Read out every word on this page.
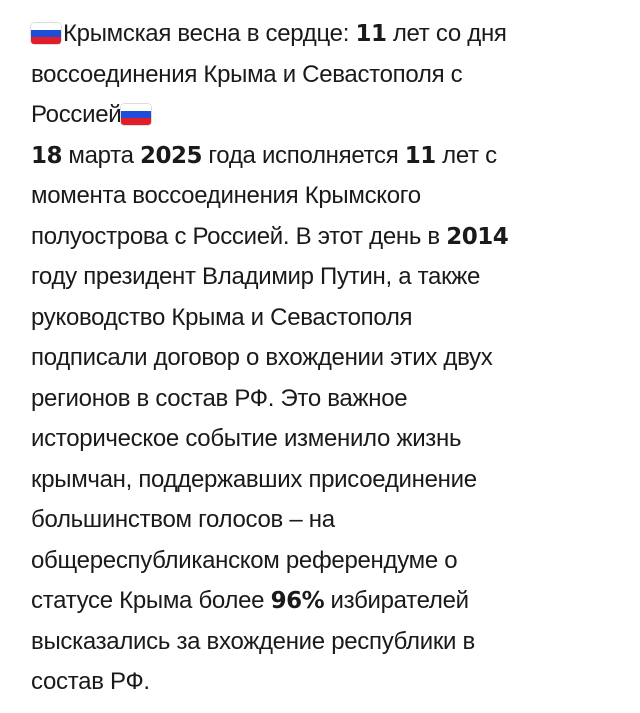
Крымская весна в сердце: 11 лет со дня
воссоединения Крыма и Севастополя с
Россией
18 марта 2025 года исполняется 11 лет с
момента воссоединения Крымского
полуострова с Россией. В этот день в 2014
году президент Владимир Путин, а также
руководство Крыма и Севастополя
подписали договор о вхождении этих двух
регионов в состав РФ. Это важное
историческое событие изменило жизнь
крымчан, поддержавших присоединение
большинством голосов – на
общереспубликанском референдуме о
статусе Крыма более 96% избирателей
высказались за вхождение республики в
состав РФ.
